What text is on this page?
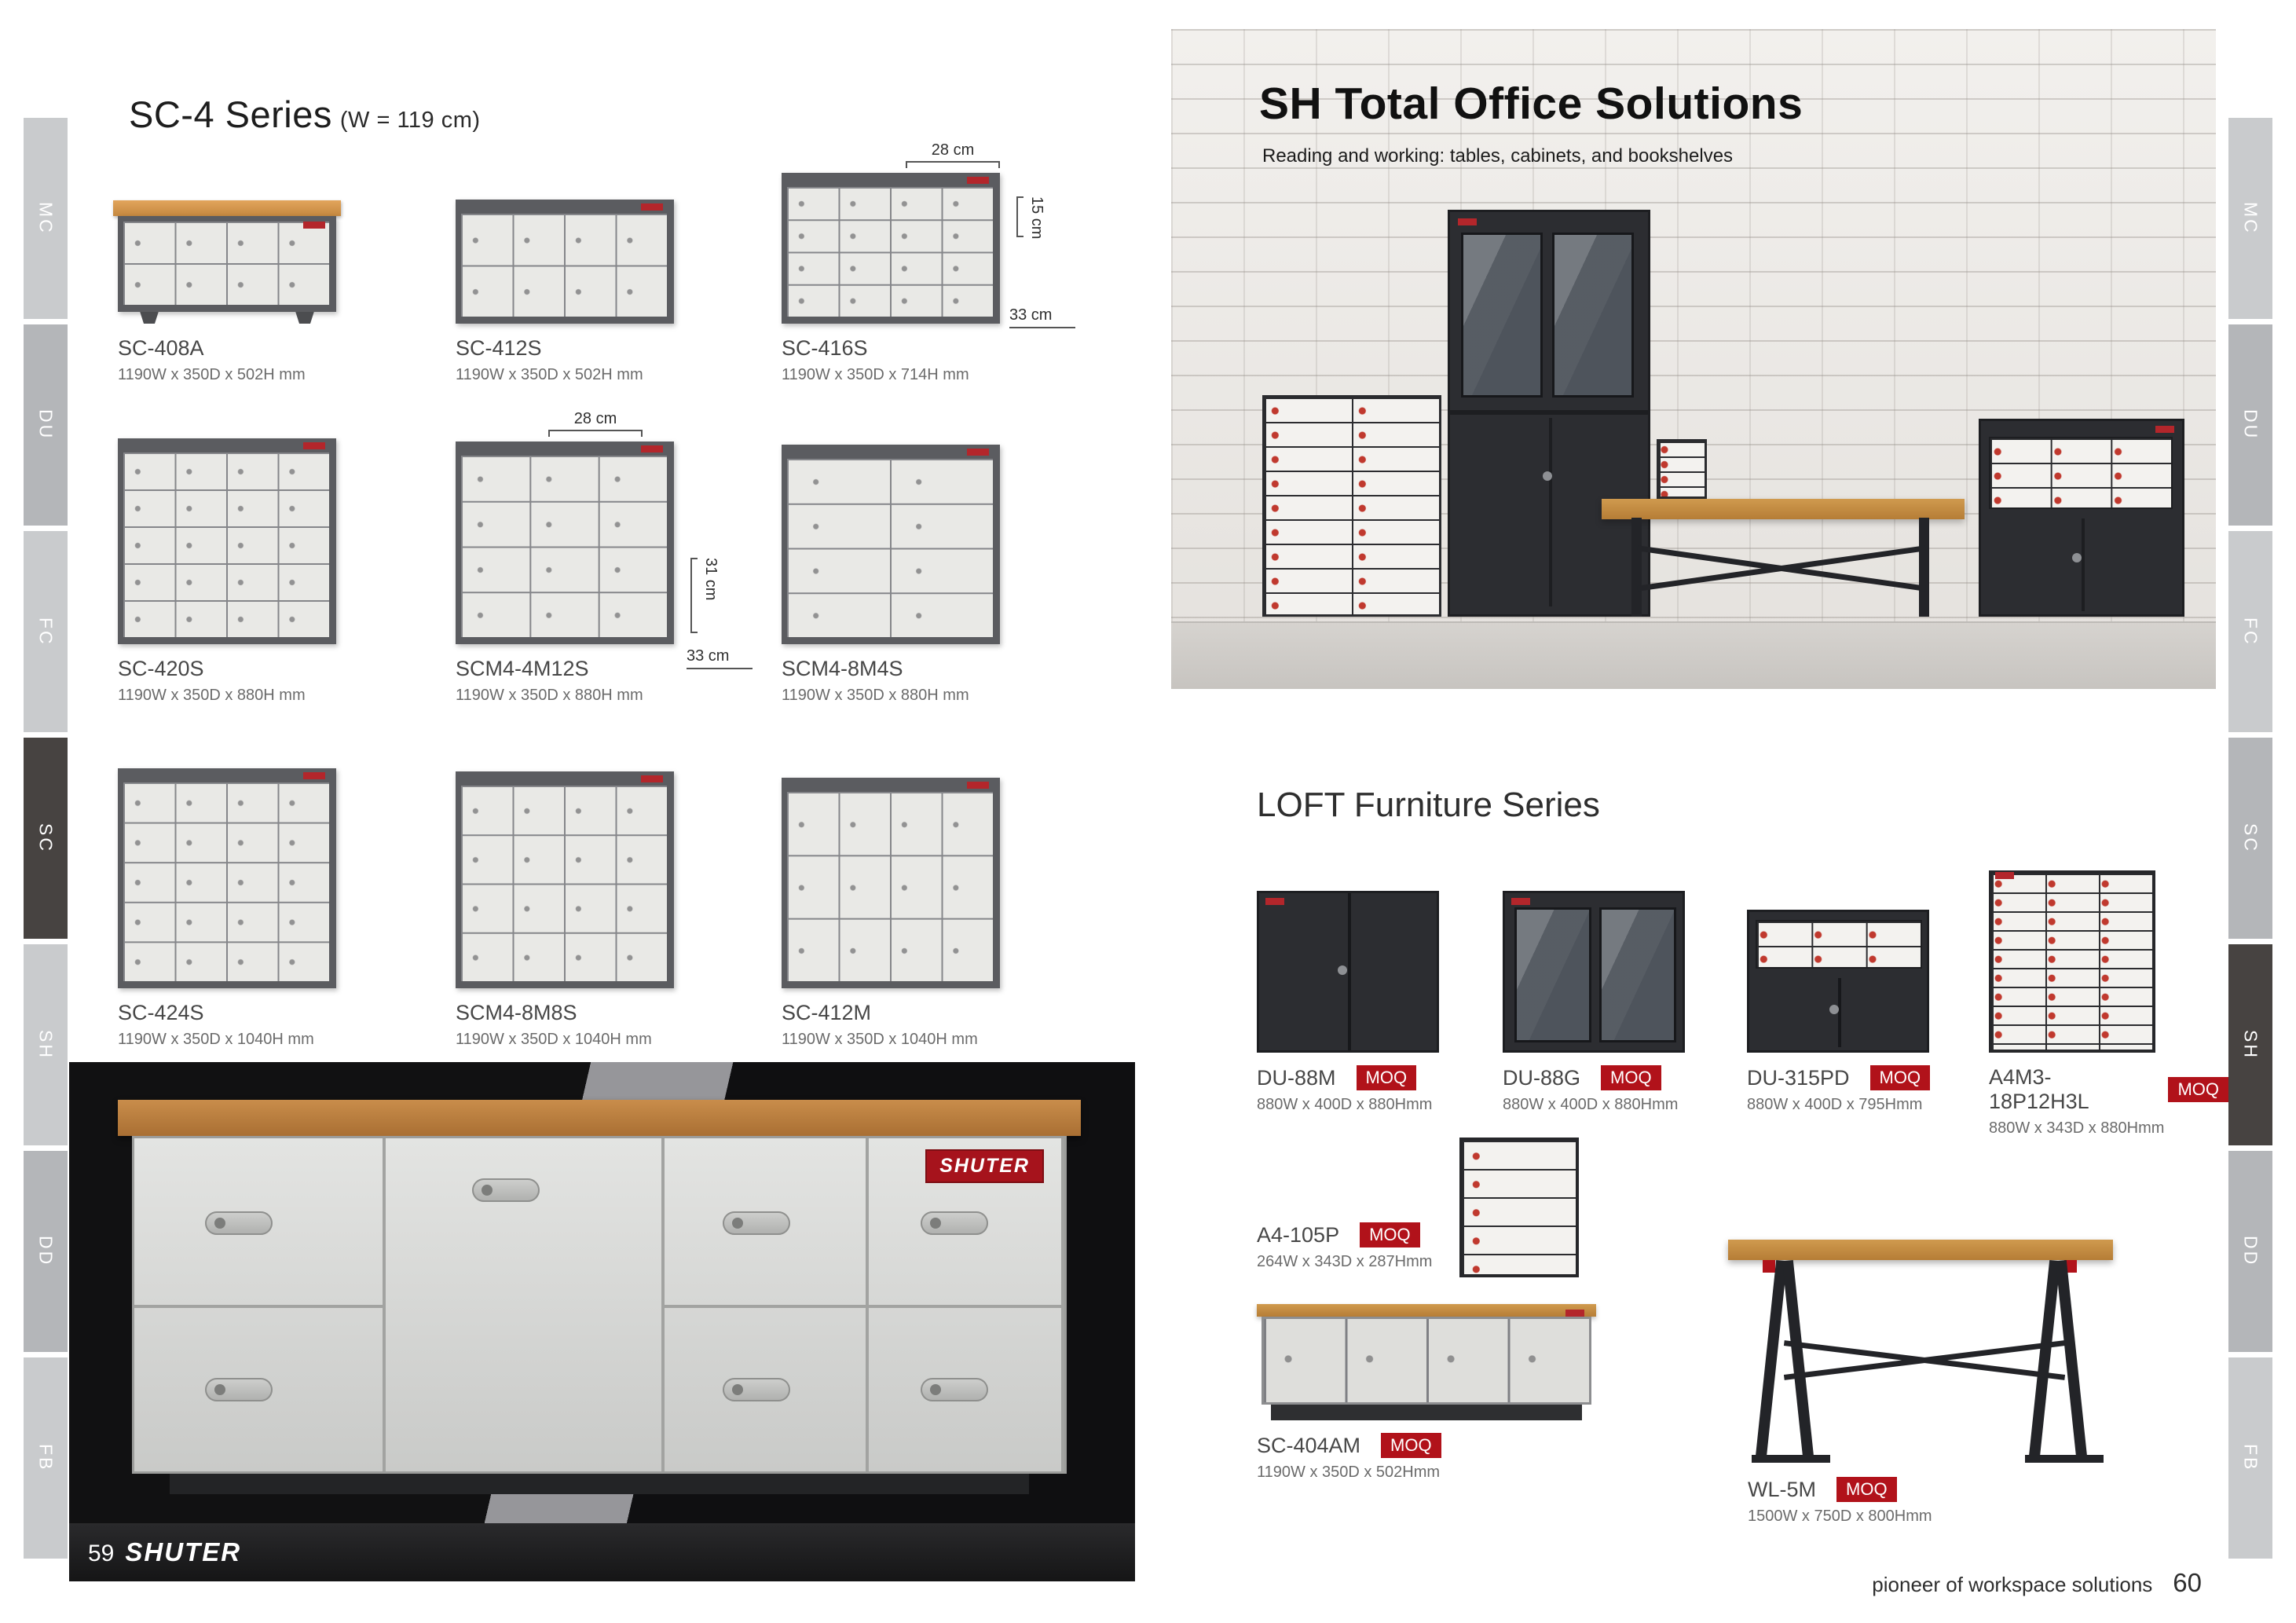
MC
DU
FC
SC
SH
DD
FB
MC
DU
FC
SC
SH
DD
FB
SC-4 Series (W = 119 cm)
SC-408A
1190W x 350D x 502H mm
SC-412S
1190W x 350D x 502H mm
28 cm
15 cm
33 cm
SC-416S
1190W x 350D x 714H mm
SC-420S
1190W x 350D x 880H mm
28 cm
31 cm
33 cm
SCM4-4M12S
1190W x 350D x 880H mm
SCM4-8M4S
1190W x 350D x 880H mm
SC-424S
1190W x 350D x 1040H mm
SCM4-8M8S
1190W x 350D x 1040H mm
SC-412M
1190W x 350D x 1040H mm
SHUTER
59 SHUTER
SH Total Office Solutions
Reading and working: tables, cabinets, and bookshelves
LOFT Furniture Series
DU-88M	MOQ
880W x 400D x 880Hmm
DU-88G	MOQ
880W x 400D x 880Hmm
DU-315PD	MOQ
880W x 400D x 795Hmm
A4M3-18P12H3L
MOQ
880W x 343D x 880Hmm
A4-105P	MOQ
264W x 343D x 287Hmm
SC-404AM	MOQ
1190W x 350D x 502Hmm
WL-5M	MOQ
1500W x 750D x 800Hmm
pioneer of workspace solutions 60
